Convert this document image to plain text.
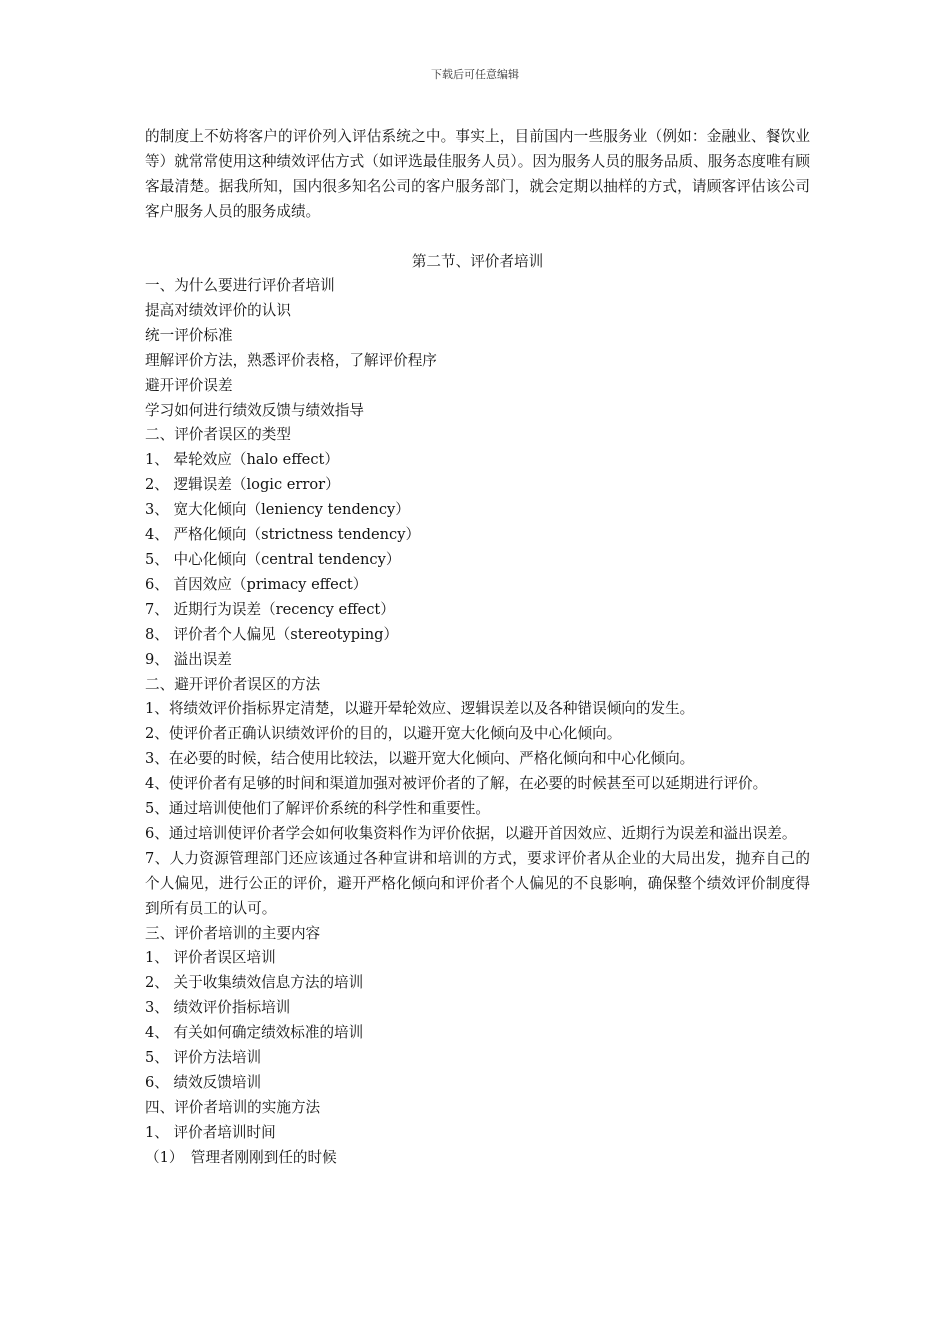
下载后可任意编辑

的制度上不妨将客户的评价列入评估系统之中。事实上，目前国内一些服务业（例如：金融业、餐饮业等）就常常使用这种绩效评估方式（如评选最佳服务人员）。因为服务人员的服务品质、服务态度唯有顾客最清楚。据我所知，国内很多知名公司的客户服务部门，就会定期以抽样的方式，请顾客评估该公司客户服务人员的服务成绩。

第二节、评价者培训

一、为什么要进行评价者培训

提高对绩效评价的认识

统一评价标准

理解评价方法，熟悉评价表格，了解评价程序

避开评价误差

学习如何进行绩效反馈与绩效指导

二、评价者误区的类型

1、 晕轮效应（halo effect）

2、 逻辑误差（logic error）

3、 宽大化倾向（leniency tendency）

4、 严格化倾向（strictness tendency）

5、 中心化倾向（central tendency）

6、 首因效应（primacy effect）

7、 近期行为误差（recency effect）

8、 评价者个人偏见（stereotyping）

9、 溢出误差

二、避开评价者误区的方法

1、将绩效评价指标界定清楚，以避开晕轮效应、逻辑误差以及各种错误倾向的发生。

2、使评价者正确认识绩效评价的目的，以避开宽大化倾向及中心化倾向。

3、在必要的时候，结合使用比较法，以避开宽大化倾向、严格化倾向和中心化倾向。

4、使评价者有足够的时间和渠道加强对被评价者的了解，在必要的时候甚至可以延期进行评价。

5、通过培训使他们了解评价系统的科学性和重要性。

6、通过培训使评价者学会如何收集资料作为评价依据，以避开首因效应、近期行为误差和溢出误差。

7、人力资源管理部门还应该通过各种宣讲和培训的方式，要求评价者从企业的大局出发，抛弃自己的个人偏见，进行公正的评价，避开严格化倾向和评价者个人偏见的不良影响，确保整个绩效评价制度得到所有员工的认可。

三、评价者培训的主要内容

1、 评价者误区培训

2、 关于收集绩效信息方法的培训

3、 绩效评价指标培训

4、 有关如何确定绩效标准的培训

5、 评价方法培训

6、 绩效反馈培训

四、评价者培训的实施方法

1、 评价者培训时间

（1）　管理者刚刚到任的时候
